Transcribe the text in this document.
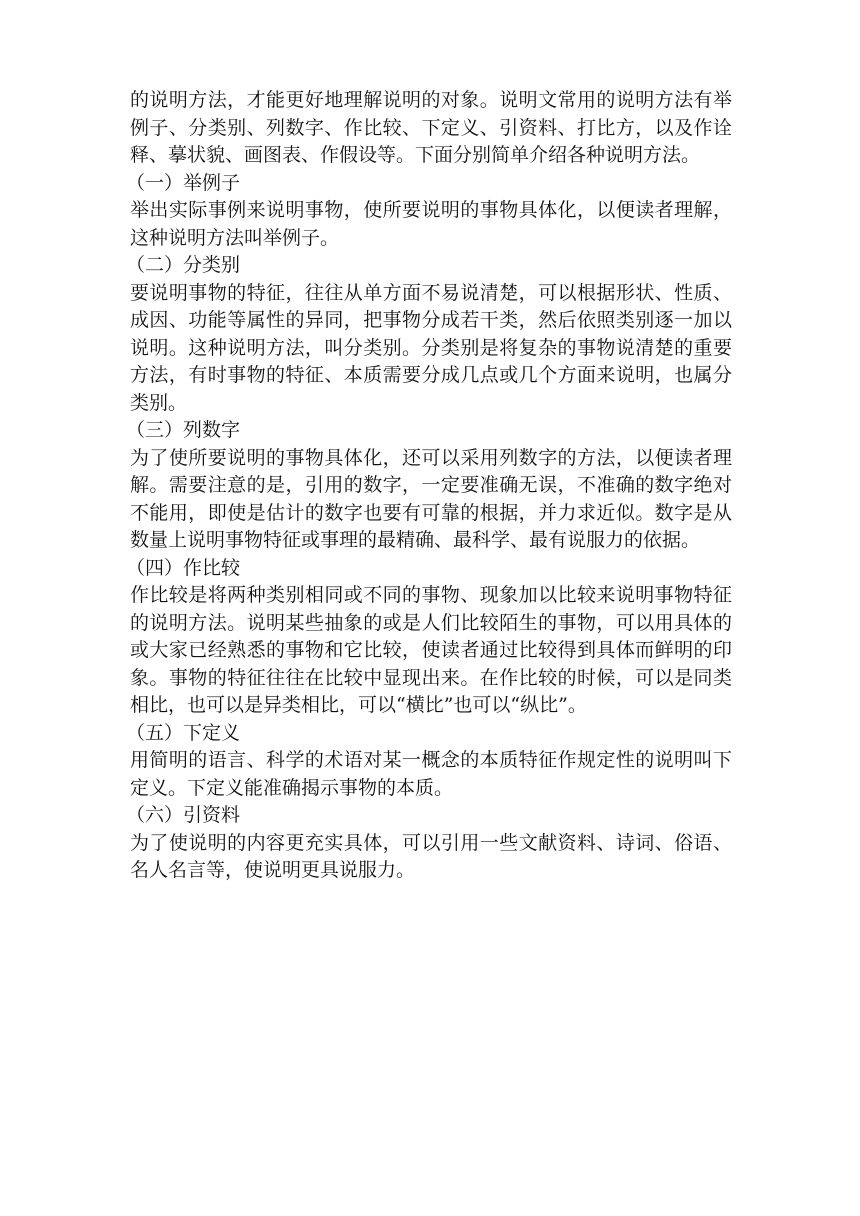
的说明方法，才能更好地理解说明的对象。说明文常用的说明方法有举例子、分类别、列数字、作比较、下定义、引资料、打比方，以及作诠释、摹状貌、画图表、作假设等。下面分别简单介绍各种说明方法。

（一）举例子

举出实际事例来说明事物，使所要说明的事物具体化，以便读者理解，这种说明方法叫举例子。

（二）分类别

要说明事物的特征，往往从单方面不易说清楚，可以根据形状、性质、成因、功能等属性的异同，把事物分成若干类，然后依照类别逐一加以说明。这种说明方法，叫分类别。分类别是将复杂的事物说清楚的重要方法，有时事物的特征、本质需要分成几点或几个方面来说明，也属分类别。

（三）列数字

为了使所要说明的事物具体化，还可以采用列数字的方法，以便读者理解。需要注意的是，引用的数字，一定要准确无误，不准确的数字绝对不能用，即使是估计的数字也要有可靠的根据，并力求近似。数字是从数量上说明事物特征或事理的最精确、最科学、最有说服力的依据。

（四）作比较

作比较是将两种类别相同或不同的事物、现象加以比较来说明事物特征的说明方法。说明某些抽象的或是人们比较陌生的事物，可以用具体的或大家已经熟悉的事物和它比较，使读者通过比较得到具体而鲜明的印象。事物的特征往往在比较中显现出来。在作比较的时候，可以是同类相比，也可以是异类相比，可以“横比”也可以“纵比”。

（五）下定义

用简明的语言、科学的术语对某一概念的本质特征作规定性的说明叫下定义。下定义能准确揭示事物的本质。

（六）引资料

为了使说明的内容更充实具体，可以引用一些文献资料、诗词、俗语、名人名言等，使说明更具说服力。
